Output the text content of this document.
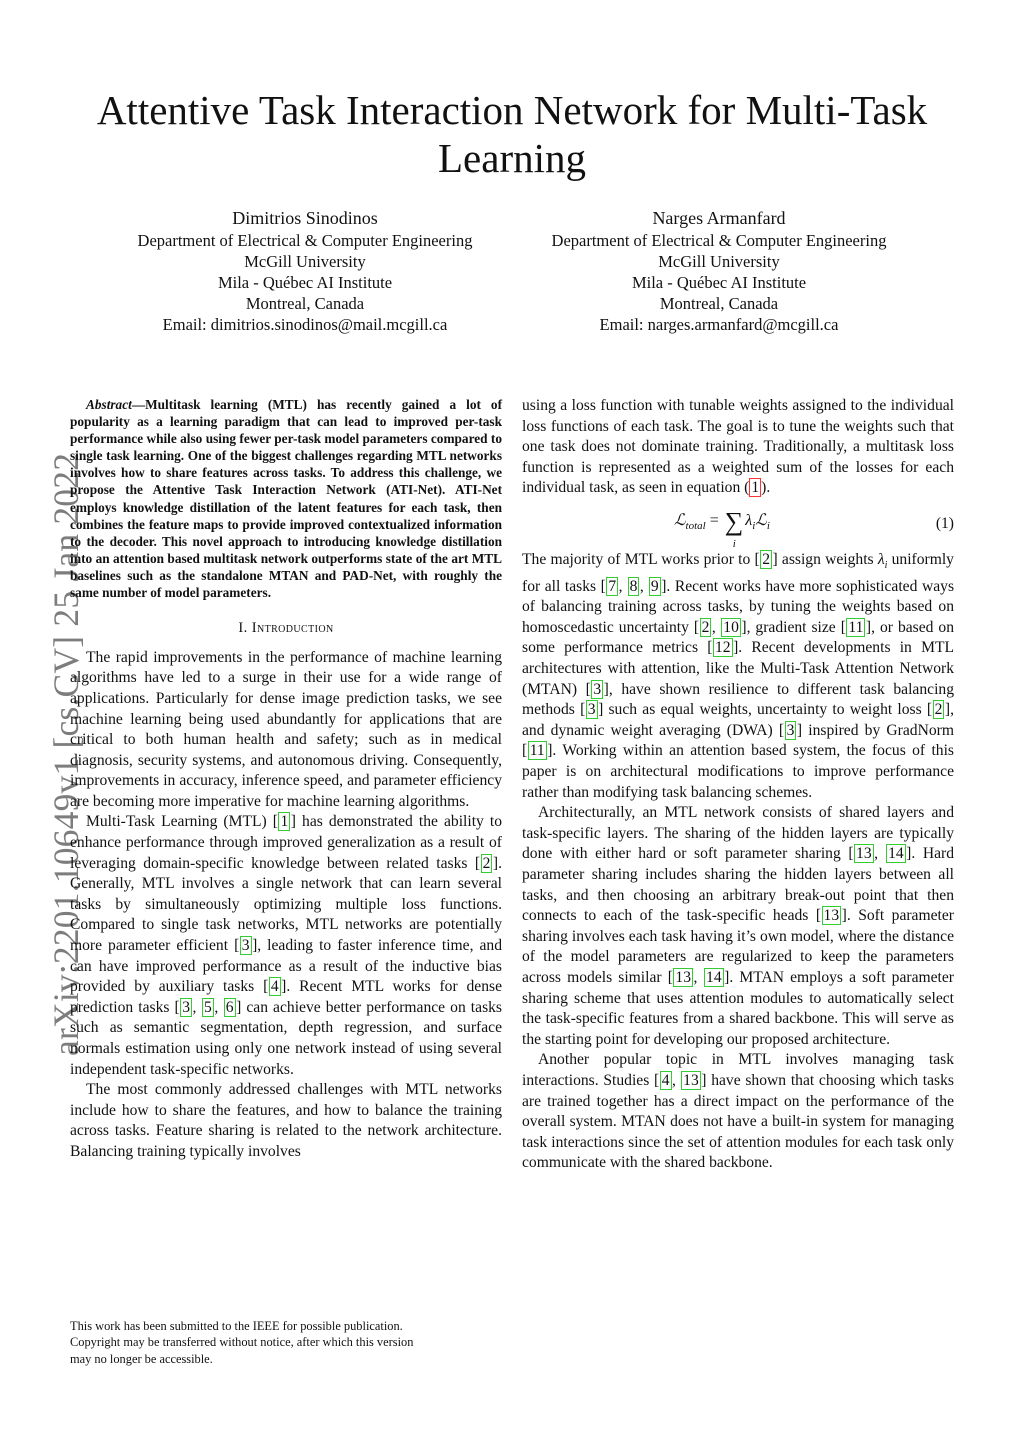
Attentive Task Interaction Network for Multi-Task Learning
Dimitrios Sinodinos
Department of Electrical & Computer Engineering
McGill University
Mila - Québec AI Institute
Montreal, Canada
Email: dimitrios.sinodinos@mail.mcgill.ca
Narges Armanfard
Department of Electrical & Computer Engineering
McGill University
Mila - Québec AI Institute
Montreal, Canada
Email: narges.armanfard@mcgill.ca
arXiv:2201.10649v1 [cs.CV] 25 Jan 2022

Abstract—Multitask learning (MTL) has recently gained a lot of popularity as a learning paradigm that can lead to improved per-task performance while also using fewer per-task model parameters compared to single task learning. One of the biggest challenges regarding MTL networks involves how to share features across tasks. To address this challenge, we propose the Attentive Task Interaction Network (ATI-Net). ATI-Net employs knowledge distillation of the latent features for each task, then combines the feature maps to provide improved contextualized information to the decoder. This novel approach to introducing knowledge distillation into an attention based multitask network outperforms state of the art MTL baselines such as the standalone MTAN and PAD-Net, with roughly the same number of model parameters.

I. Introduction

The rapid improvements in the performance of machine learning algorithms have led to a surge in their use for a wide range of applications. Particularly for dense image prediction tasks, we see machine learning being used abundantly for applications that are critical to both human health and safety; such as in medical diagnosis, security systems, and autonomous driving. Consequently, improvements in accuracy, inference speed, and parameter efficiency are becoming more imperative for machine learning algorithms.

Multi-Task Learning (MTL) [ 1 ] has demonstrated the ability to enhance performance through improved generalization as a result of leveraging domain-specific knowledge between related tasks [ 2 ]. Generally, MTL involves a single network that can learn several tasks by simultaneously optimizing multiple loss functions. Compared to single task networks, MTL networks are potentially more parameter efficient [ 3 ], leading to faster inference time, and can have improved performance as a result of the inductive bias provided by auxiliary tasks [ 4 ]. Recent MTL works for dense prediction tasks [ 3 , 5 , 6 ] can achieve better performance on tasks such as semantic segmentation, depth regression, and surface normals estimation using only one network instead of using several independent task-specific networks.

The most commonly addressed challenges with MTL networks include how to share the features, and how to balance the training across tasks. Feature sharing is related to the network architecture. Balancing training typically involves

using a loss function with tunable weights assigned to the individual loss functions of each task. The goal is to tune the weights such that one task does not dominate training. Traditionally, a multitask loss function is represented as a weighted sum of the losses for each individual task, as seen in equation ( 1 ).

ℒ$_{total}$ = ∑
i
$\lambda_iℒ_i$	(1)

The majority of MTL works prior to [ 2 ] assign weights $\lambda_i$ uniformly for all tasks [ 7 , 8 , 9 ]. Recent works have more sophisticated ways of balancing training across tasks, by tuning the weights based on homoscedastic uncertainty [ 2 , 10 ], gradient size [ 11 ], or based on some performance metrics [ 12 ]. Recent developments in MTL architectures with attention, like the Multi-Task Attention Network (MTAN) [ 3 ], have shown resilience to different task balancing methods [ 3 ] such as equal weights, uncertainty to weight loss [ 2 ], and dynamic weight averaging (DWA) [ 3 ] inspired by GradNorm [ 11 ]. Working within an attention based system, the focus of this paper is on architectural modifications to improve performance rather than modifying task balancing schemes.

Architecturally, an MTL network consists of shared layers and task-specific layers. The sharing of the hidden layers are typically done with either hard or soft parameter sharing [ 13 , 14 ]. Hard parameter sharing includes sharing the hidden layers between all tasks, and then choosing an arbitrary break-out point that then connects to each of the task-specific heads [ 13 ]. Soft parameter sharing involves each task having it’s own model, where the distance of the model parameters are regularized to keep the parameters across models similar [ 13 , 14 ]. MTAN employs a soft parameter sharing scheme that uses attention modules to automatically select the task-specific features from a shared backbone. This will serve as the starting point for developing our proposed architecture.

Another popular topic in MTL involves managing task interactions. Studies [ 4 , 13 ] have shown that choosing which tasks are trained together has a direct impact on the performance of the overall system. MTAN does not have a built-in system for managing task interactions since the set of attention modules for each task only communicate with the shared backbone.

This work has been submitted to the IEEE for possible publication.
Copyright may be transferred without notice, after which this version
may no longer be accessible.
